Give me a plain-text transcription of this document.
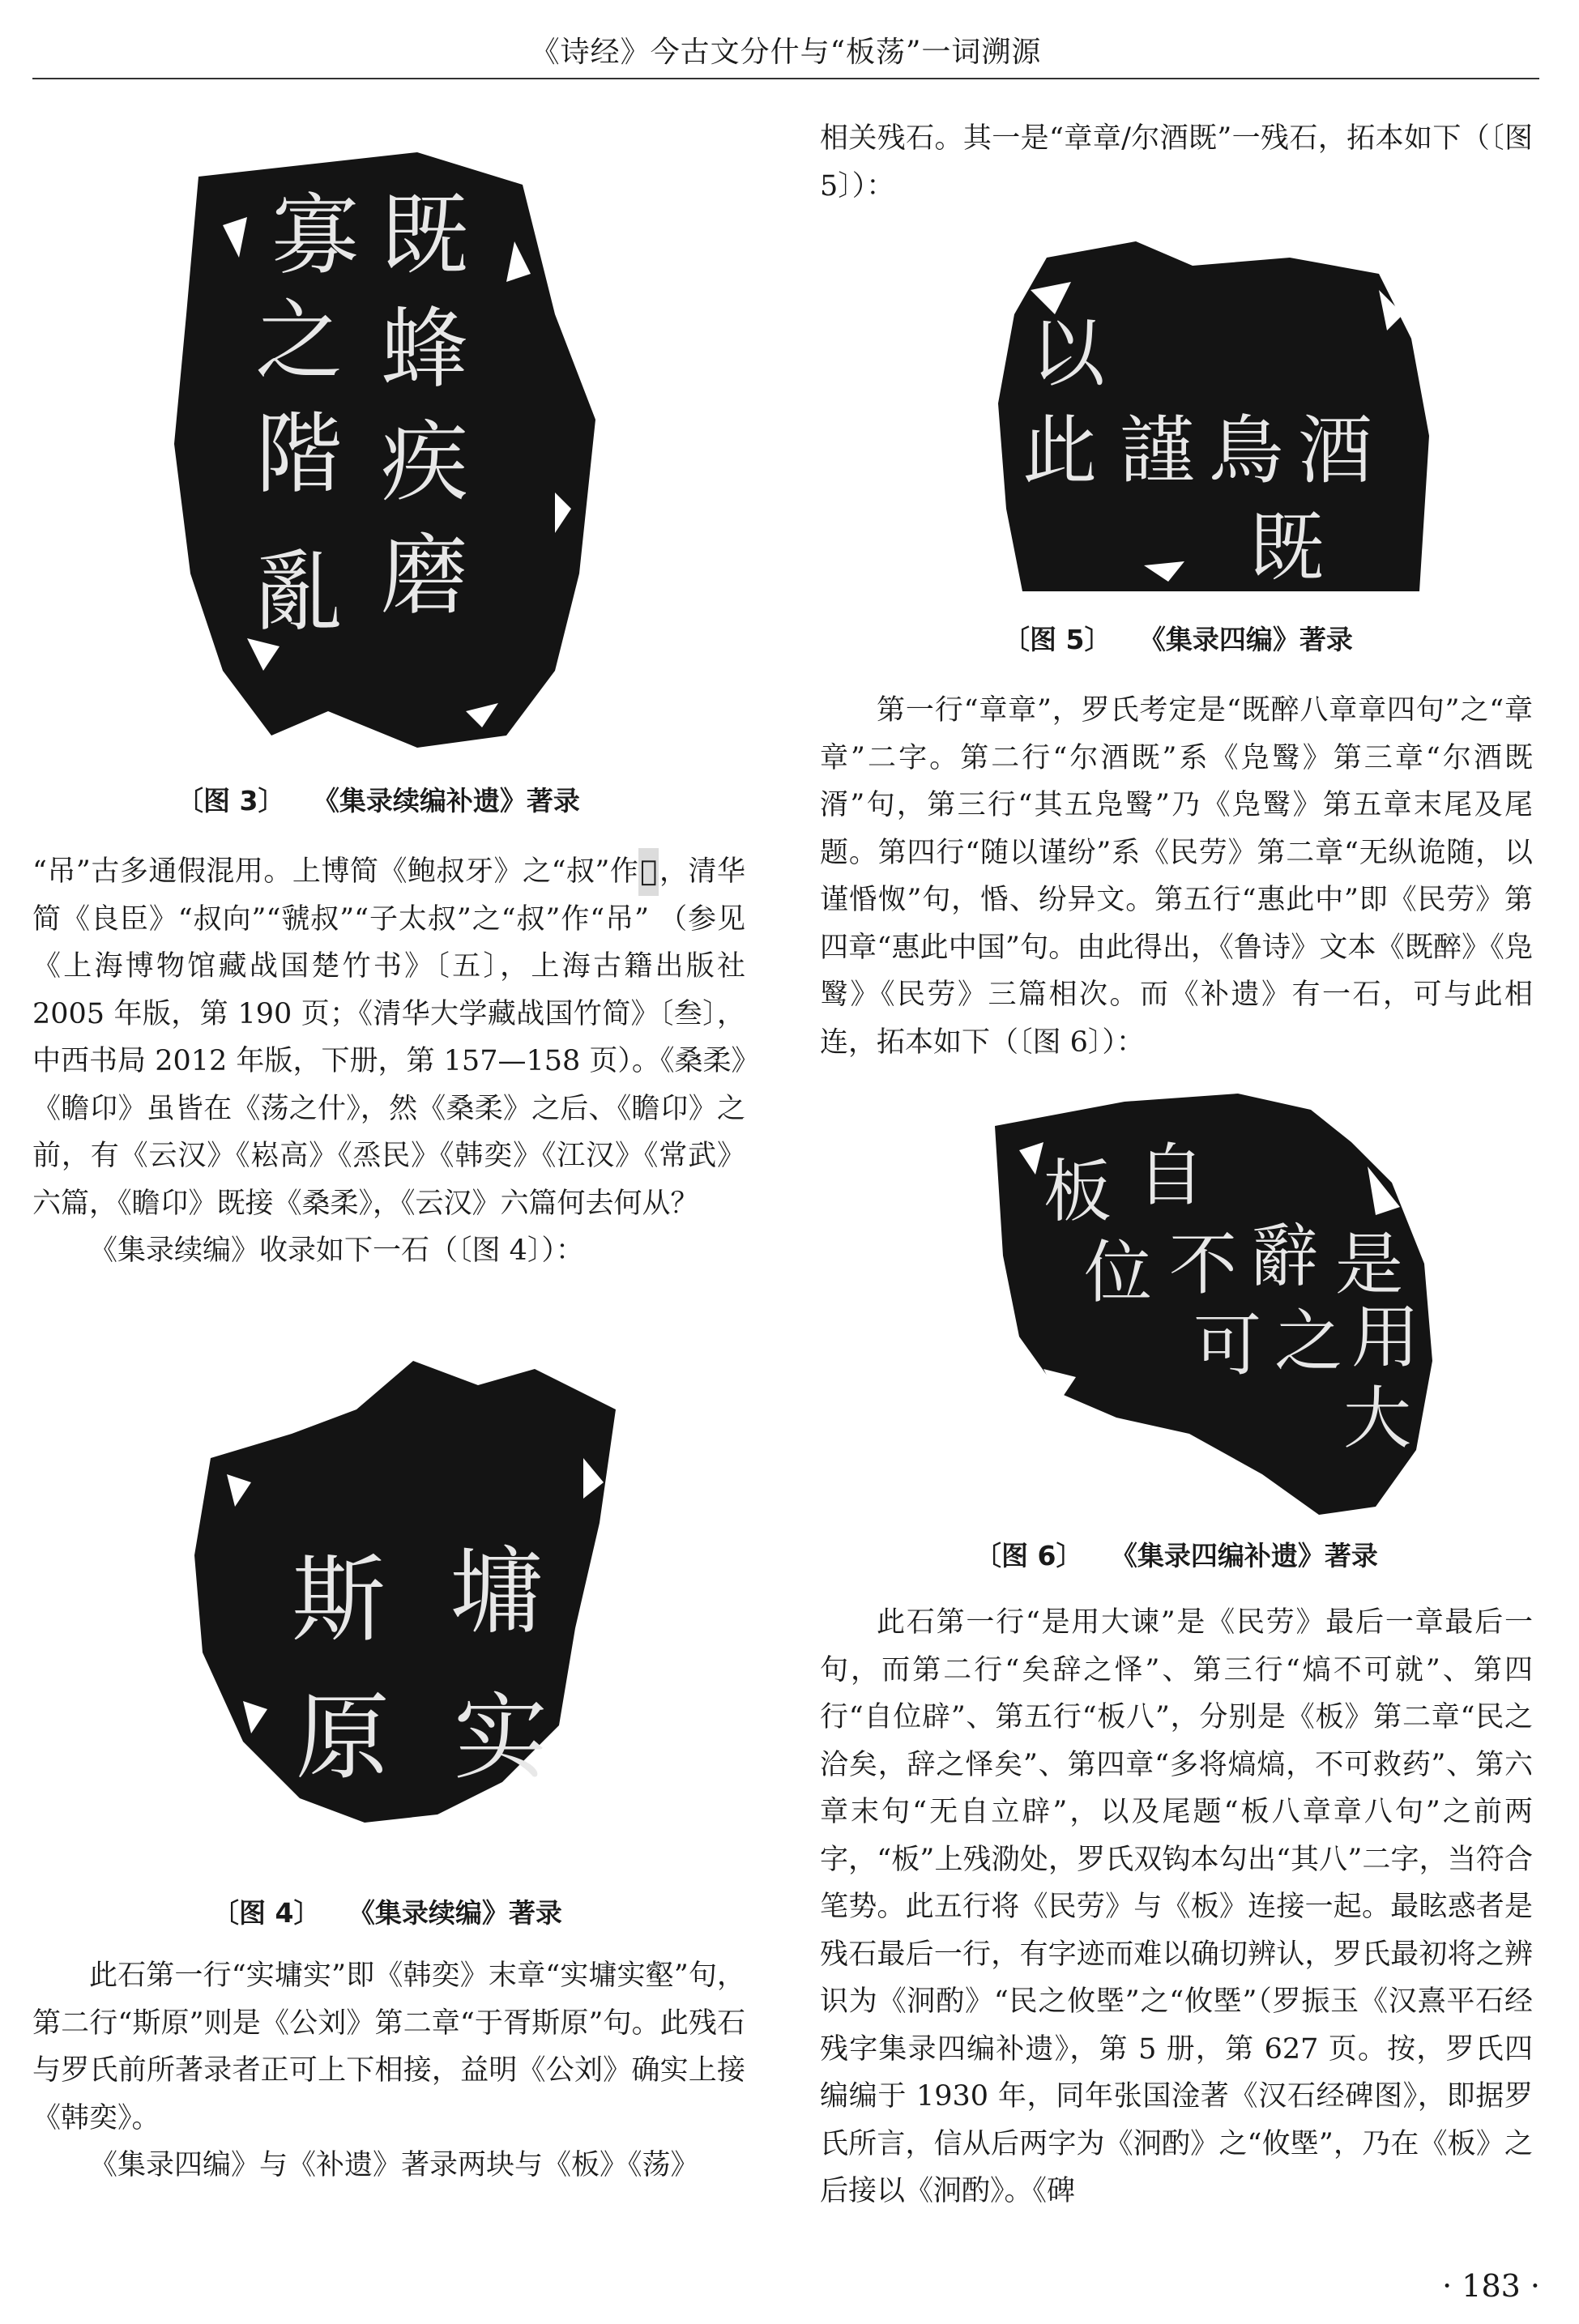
《诗经》今古文分什与“板荡”一词溯源
既
蜂
疾
磨
寡
之
階
亂
〔图 3〕 《集录续编补遗》著录

“吊”古多通假混用。上博简《鲍叔牙》之“叔”作𠭟，清华简《良臣》“叔向”“虢叔”“子太叔”之“叔”作“吊” （参见《上海博物馆藏战国楚竹书》〔五〕，上海古籍出版社 2005 年版，第 190 页；《清华大学藏战国竹简》〔叁〕，中西书局 2012 年版，下册，第 157—158 页）。《桑柔》《瞻卬》虽皆在《荡之什》，然《桑柔》之后、《瞻卬》之前，有《云汉》《崧高》《烝民》《韩奕》《江汉》《常武》六篇，《瞻卬》既接《桑柔》，《云汉》六篇何去何从？

《集录续编》收录如下一石（〔图 4〕）：

斯 墉
原 实
〔图 4〕 《集录续编》著录

此石第一行“实墉实”即《韩奕》末章“实墉实壑”句，第二行“斯原”则是《公刘》第二章“于胥斯原”句。此残石与罗氏前所著录者正可上下相接，益明《公刘》确实上接《韩奕》。

《集录四编》与《补遗》著录两块与《板》《荡》

相关残石。其一是“章章/尔酒既”一残石，拓本如下（〔图 5〕）：

以
此 謹 鳥 酒
既
〔图 5〕 《集录四编》著录

第一行“章章”，罗氏考定是“既醉八章章四句”之“章章”二字。第二行“尔酒既”系《凫鹥》第三章“尔酒既湑”句，第三行“其五凫鹥”乃《凫鹥》第五章末尾及尾题。第四行“随以谨纷”系《民劳》第二章“无纵诡随，以谨惛怓”句，惛、纷异文。第五行“惠此中”即《民劳》第四章“惠此中国”句。由此得出，《鲁诗》文本《既醉》《凫鹥》《民劳》三篇相次。而《补遗》有一石，可与此相连，拓本如下（〔图 6〕）：

板 自
位 不 辭 是
可 之 用
大
〔图 6〕 《集录四编补遗》著录

此石第一行“是用大谏”是《民劳》最后一章最后一句，而第二行“矣辞之怿”、第三行“熇不可就”、第四行“自位辟”、第五行“板八”，分别是《板》第二章“民之洽矣，辞之怿矣”、第四章“多将熇熇，不可救药”、第六章末句“无自立辟”，以及尾题“板八章章八句”之前两字，“板”上残泐处，罗氏双钩本勾出“其八”二字，当符合笔势。此五行将《民劳》与《板》连接一起。最眩惑者是残石最后一行，有字迹而难以确切辨认，罗氏最初将之辨识为《泂酌》“民之攸塈”之“攸塈”（罗振玉《汉熹平石经残字集录四编补遗》，第 5 册，第 627 页。按，罗氏四编编于 1930 年，同年张国淦著《汉石经碑图》，即据罗氏所言，信从后两字为《泂酌》之“攸塈”，乃在《板》之后接以《泂酌》。《碑

· 183 ·
